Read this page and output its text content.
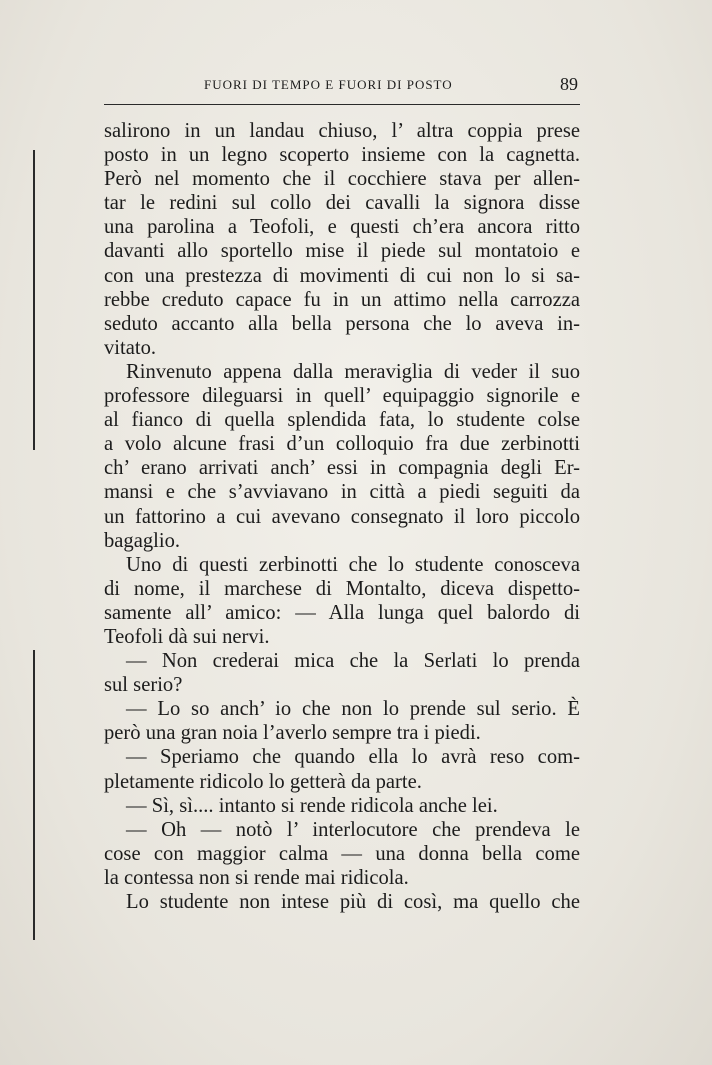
FUORI DI TEMPO E FUORI DI POSTO	89
salirono in un landau chiuso, l’ altra coppia prese
posto in un legno scoperto insieme con la cagnetta.
Però nel momento che il cocchiere stava per allen-
tar le redini sul collo dei cavalli la signora disse
una parolina a Teofoli, e questi ch’era ancora ritto
davanti allo sportello mise il piede sul montatoio e
con una prestezza di movimenti di cui non lo si sa-
rebbe creduto capace fu in un attimo nella carrozza
seduto accanto alla bella persona che lo aveva in-
vitato.
Rinvenuto appena dalla meraviglia di veder il suo
professore dileguarsi in quell’ equipaggio signorile e
al fianco di quella splendida fata, lo studente colse
a volo alcune frasi d’un colloquio fra due zerbinotti
ch’ erano arrivati anch’ essi in compagnia degli Er-
mansi e che s’avviavano in città a piedi seguiti da
un fattorino a cui avevano consegnato il loro piccolo
bagaglio.
Uno di questi zerbinotti che lo studente conosceva
di nome, il marchese di Montalto, diceva dispetto-
samente all’ amico: — Alla lunga quel balordo di
Teofoli dà sui nervi.
— Non crederai mica che la Serlati lo prenda
sul serio?
— Lo so anch’ io che non lo prende sul serio. È
però una gran noia l’averlo sempre tra i piedi.
— Speriamo che quando ella lo avrà reso com-
pletamente ridicolo lo getterà da parte.
— Sì, sì.... intanto si rende ridicola anche lei.
— Oh — notò l’ interlocutore che prendeva le
cose con maggior calma — una donna bella come
la contessa non si rende mai ridicola.
Lo studente non intese più di così, ma quello che
